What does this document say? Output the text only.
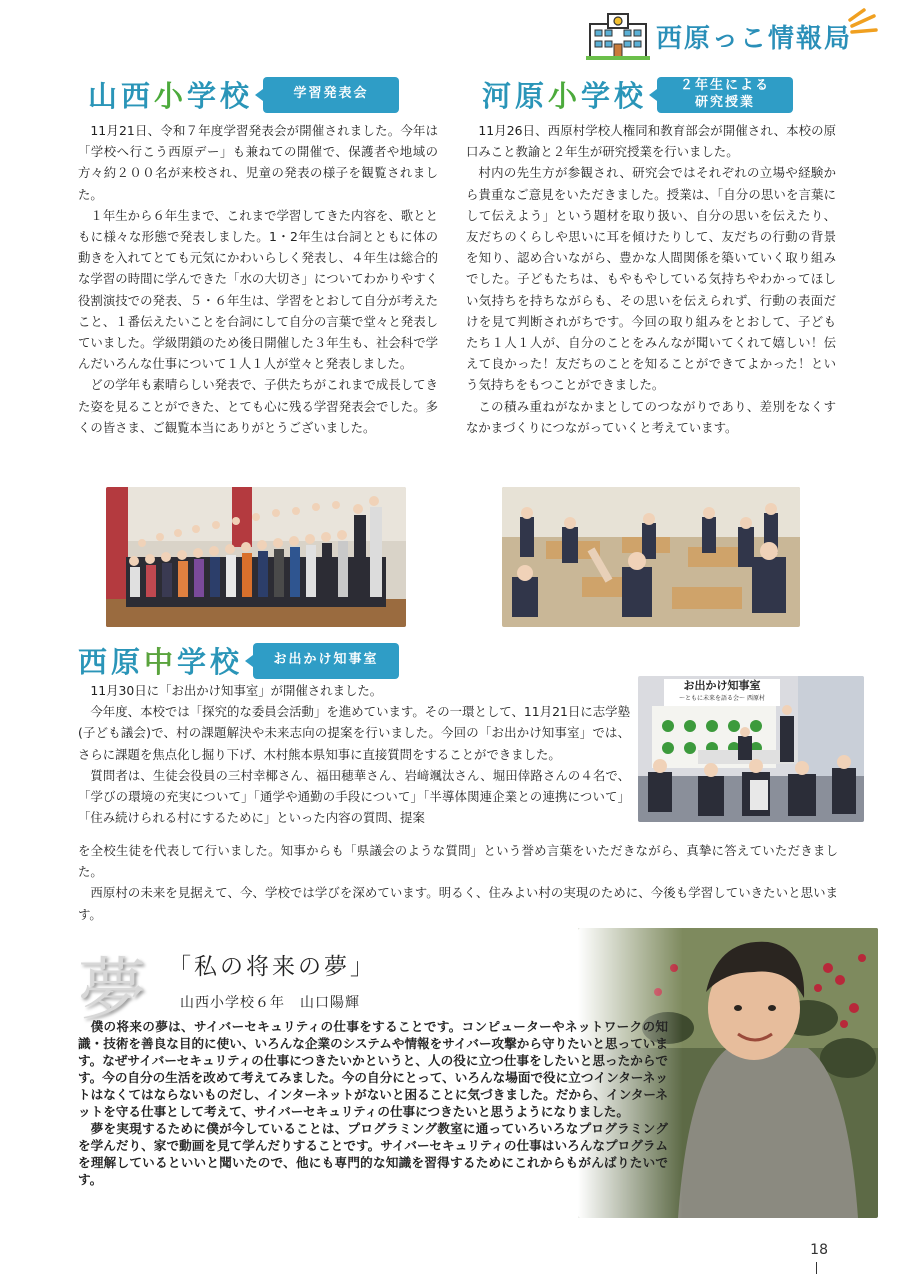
西原っこ情報局
山西小学校	学習発表会

11月21日、令和７年度学習発表会が開催されました。今年は「学校へ行こう西原デー」も兼ねての開催で、保護者や地域の方々約２００名が来校され、児童の発表の様子を観覧されました。

１年生から６年生まで、これまで学習してきた内容を、歌とともに様々な形態で発表しました。1・2年生は台詞とともに体の動きを入れてとても元気にかわいらしく発表し、４年生は総合的な学習の時間に学んできた「水の大切さ」についてわかりやすく役割演技での発表、５・６年生は、学習をとおして自分が考えたこと、１番伝えたいことを台詞にして自分の言葉で堂々と発表していました。学級閉鎖のため後日開催した３年生も、社会科で学んだいろんな仕事について１人１人が堂々と発表しました。

どの学年も素晴らしい発表で、子供たちがこれまで成長してきた姿を見ることができた、とても心に残る学習発表会でした。多くの皆さま、ご観覧本当にありがとうございました。

河原小学校	２年生による
研究授業

11月26日、西原村学校人権同和教育部会が開催され、本校の原口みこと教諭と２年生が研究授業を行いました。

村内の先生方が参観され、研究会ではそれぞれの立場や経験から貴重なご意見をいただきました。授業は、「自分の思いを言葉にして伝えよう」という題材を取り扱い、自分の思いを伝えたり、友だちのくらしや思いに耳を傾けたりして、友だちの行動の背景を知り、認め合いながら、豊かな人間関係を築いていく取り組みでした。子どもたちは、もやもやしている気持ちやわかってほしい気持ちを持ちながらも、その思いを伝えられず、行動の表面だけを見て判断されがちです。今回の取り組みをとおして、子どもたち１人１人が、自分のことをみんなが聞いてくれて嬉しい！伝えて良かった！友だちのことを知ることができてよかった！という気持ちをもつことができました。

この積み重ねがなかまとしてのつながりであり、差別をなくすなかまづくりにつながっていくと考えています。

西原中学校	お出かけ知事室

11月30日に「お出かけ知事室」が開催されました。

今年度、本校では「探究的な委員会活動」を進めています。その一環として、11月21日に志学塾(子ども議会)で、村の課題解決や未来志向の提案を行いました。今回の「お出かけ知事室」では、さらに課題を焦点化し掘り下げ、木村熊本県知事に直接質問をすることができました。

質問者は、生徒会役員の三村幸椰さん、福田穂華さん、岩﨑颯汰さん、堀田倖路さんの４名で、「学びの環境の充実について」「通学や通勤の手段について」「半導体関連企業との連携について」「住み続けられる村にするために」といった内容の質問、提案

を全校生徒を代表して行いました。知事からも「県議会のような質問」という誉め言葉をいただきながら、真摯に答えていただきました。

西原村の未来を見据えて、今、学校では学びを深めています。明るく、住みよい村の実現のために、今後も学習していきたいと思います。

お出かけ知事室
〜ともに未来を語る会〜 西原村
夢 「私の将来の夢」
山西小学校６年　山口陽輝

僕の将来の夢は、サイバーセキュリティの仕事をすることです。コンピューターやネットワークの知識・技術を善良な目的に使い、いろんな企業のシステムや情報をサイバー攻撃から守りたいと思っています。なぜサイバーセキュリティの仕事につきたいかというと、人の役に立つ仕事をしたいと思ったからです。今の自分の生活を改めて考えてみました。今の自分にとって、いろんな場面で役に立つインターネットはなくてはならないものだし、インターネットがないと困ることに気づきました。だから、インターネットを守る仕事として考えて、サイバーセキュリティの仕事につきたいと思うようになりました。

夢を実現するために僕が今していることは、プログラミング教室に通っていろいろなプログラミングを学んだり、家で動画を見て学んだりすることです。サイバーセキュリティの仕事はいろんなプログラムを理解しているといいと聞いたので、他にも専門的な知識を習得するためにこれからもがんばりたいです。

18
